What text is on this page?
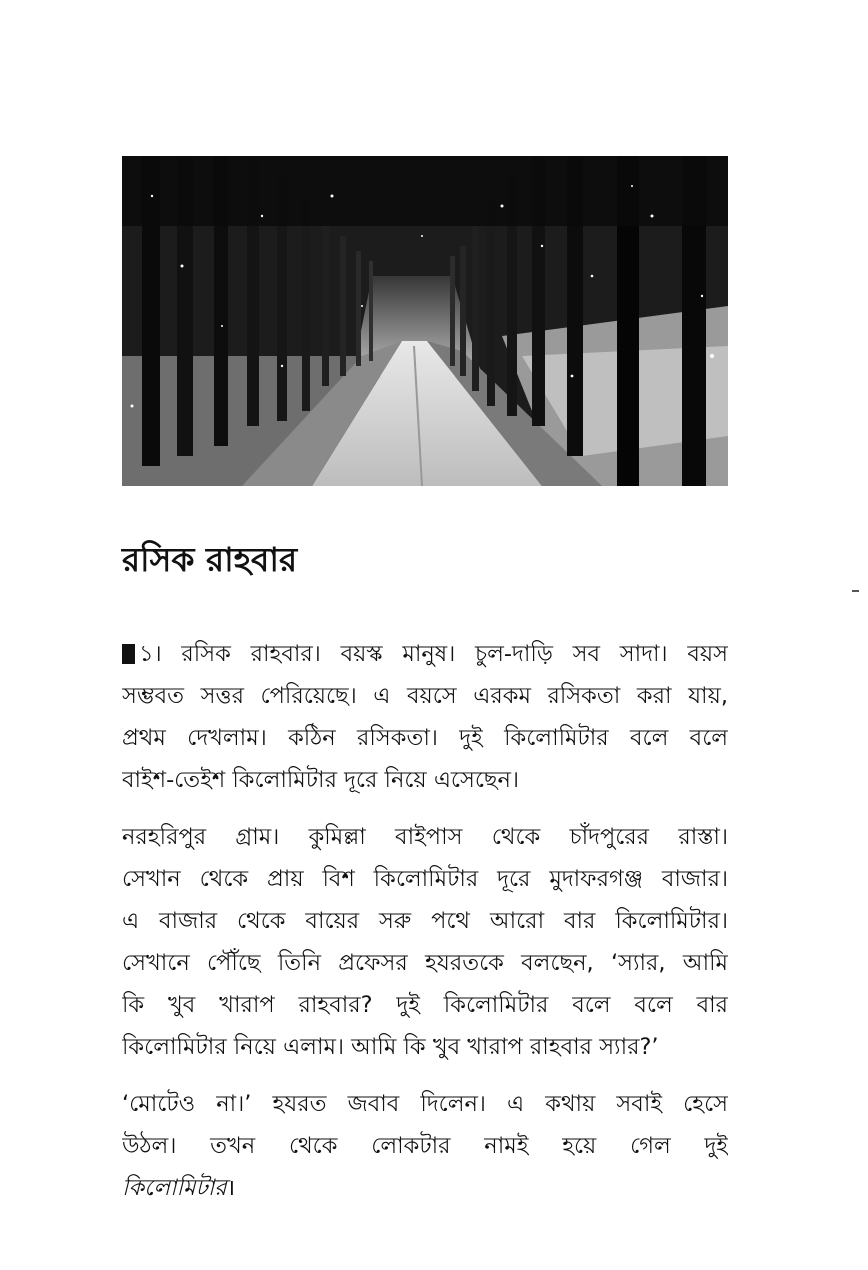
রসিক রাহবার
১। রসিক রাহবার। বয়স্ক মানুষ। চুল-দাড়ি সব সাদা। বয়স
সম্ভবত সত্তর পেরিয়েছে। এ বয়সে এরকম রসিকতা করা যায়,
প্রথম দেখলাম। কঠিন রসিকতা। দুই কিলোমিটার বলে বলে
বাইশ-তেইশ কিলোমিটার দূরে নিয়ে এসেছেন।
নরহরিপুর গ্রাম। কুমিল্লা বাইপাস থেকে চাঁদপুরের রাস্তা।
সেখান থেকে প্রায় বিশ কিলোমিটার দূরে মুদাফরগঞ্জ বাজার।
এ বাজার থেকে বায়ের সরু পথে আরো বার কিলোমিটার।
সেখানে পৌঁছে তিনি প্রফেসর হযরতকে বলছেন, ‘স্যার, আমি
কি খুব খারাপ রাহবার? দুই কিলোমিটার বলে বলে বার
কিলোমিটার নিয়ে এলাম। আমি কি খুব খারাপ রাহবার স্যার?’
‘মোটেও না।’ হযরত জবাব দিলেন। এ কথায় সবাই হেসে
উঠল। তখন থেকে লোকটার নামই হয়ে গেল দুই
কিলোমিটার।
